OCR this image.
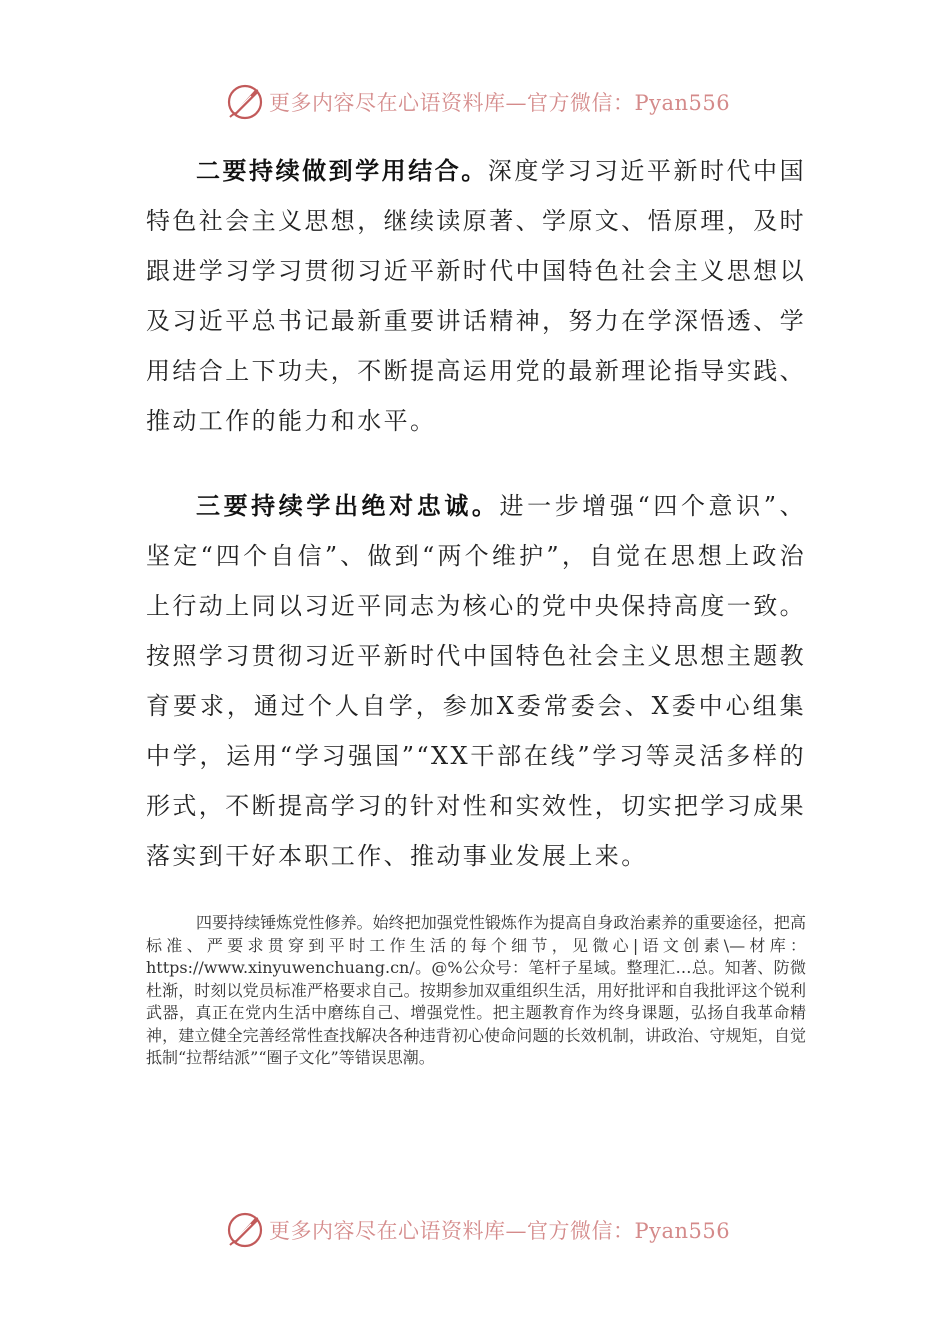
更多内容尽在心语资料库—官方微信：Pyan556
二要持续做到学用结合。深度学习习近平新时代中国特色社会主义思想，继续读原著、学原文、悟原理，及时跟进学习学习贯彻习近平新时代中国特色社会主义思想以及习近平总书记最新重要讲话精神，努力在学深悟透、学用结合上下功夫，不断提高运用党的最新理论指导实践、推动工作的能力和水平。
三要持续学出绝对忠诚。进一步增强“四个意识”、坚定“四个自信”、做到“两个维护”，自觉在思想上政治上行动上同以习近平同志为核心的党中央保持高度一致。按照学习贯彻习近平新时代中国特色社会主义思想主题教育要求，通过个人自学，参加X委常委会、X委中心组集中学，运用“学习强国”“XX干部在线”学习等灵活多样的形式，不断提高学习的针对性和实效性，切实把学习成果落实到干好本职工作、推动事业发展上来。
四要持续锤炼党性修养。始终把加强党性锻炼作为提高自身政治素养的重要途径，把高标准、严要求贯穿到平时工作生活的每个细节，见微心|语文创素\—材库：https://www.xinyuwenchuang.cn/。@%公众号：笔杆子星域。整理汇…总。知著、防微杜渐，时刻以党员标准严格要求自己。按期参加双重组织生活，用好批评和自我批评这个锐利武器，真正在党内生活中磨练自己、增强党性。把主题教育作为终身课题，弘扬自我革命精神，建立健全完善经常性查找解决各种违背初心使命问题的长效机制，讲政治、守规矩，自觉抵制“拉帮结派”“圈子文化”等错误思潮。
更多内容尽在心语资料库—官方微信：Pyan556
